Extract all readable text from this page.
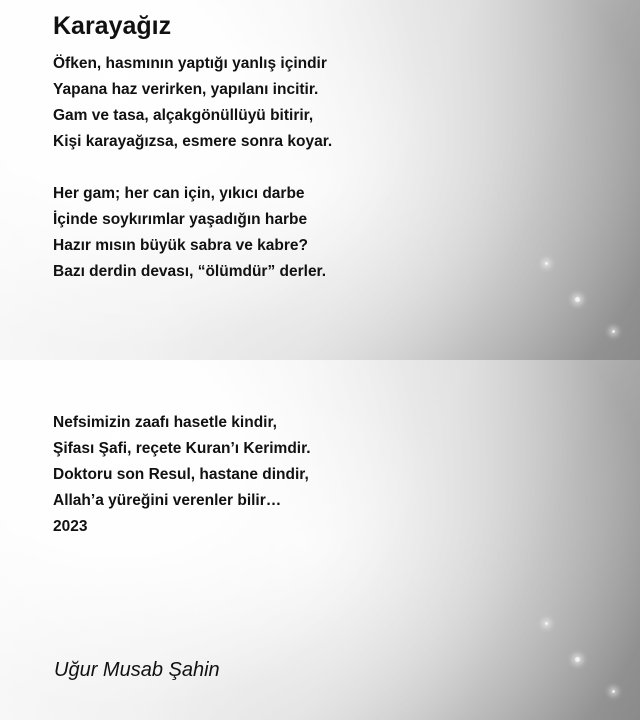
Karayağız
Öfken, hasmının yaptığı yanlış içindir
Yapana haz verirken, yapılanı incitir.
Gam ve tasa, alçakgönüllüyü bitirir,
Kişi karayağızsa, esmere sonra koyar.
Her gam; her can için, yıkıcı darbe
İçinde soykırımlar yaşadığın harbe
Hazır mısın büyük sabra ve kabre?
Bazı derdin devası, “ölümdür” derler.
Nefsimizin zaafı hasetle kindir,
Şifası Şafi, reçete Kuran’ı Kerimdir.
Doktoru son Resul, hastane dindir,
Allah’a yüreğini verenler bilir…
2023

Uğur Musab Şahin
